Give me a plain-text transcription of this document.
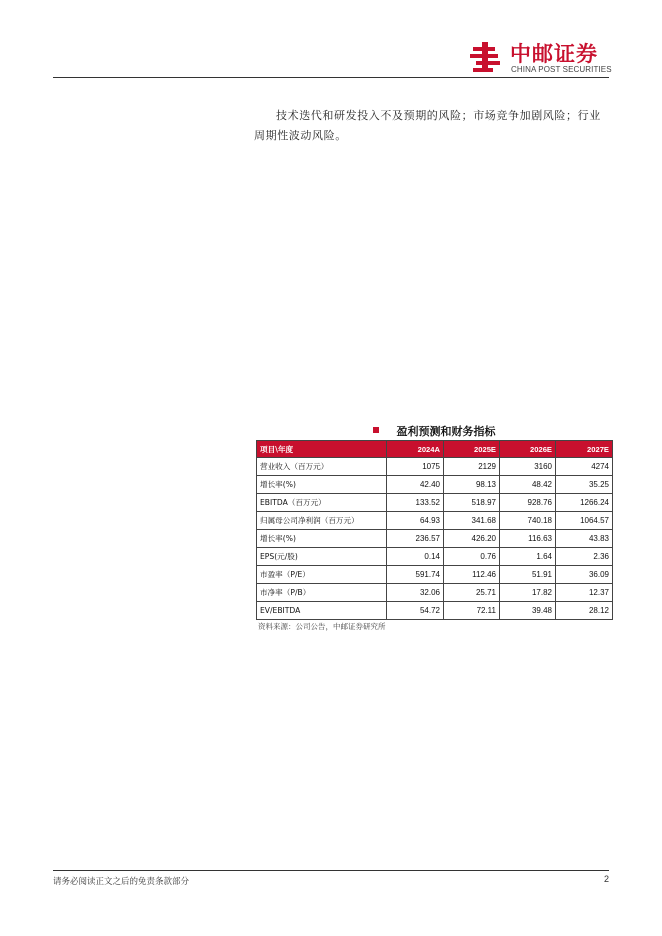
中邮证券
CHINA POST SECURITIES

技术迭代和研发投入不及预期的风险；市场竞争加剧风险；行业周期性波动风险。

盈利预测和财务指标
项目\年度	2024A	2025E	2026E	2027E
营业收入（百万元）	1075	2129	3160	4274
增长率(%)	42.40	98.13	48.42	35.25
EBITDA（百万元）	133.52	518.97	928.76	1266.24
归属母公司净利润（百万元）	64.93	341.68	740.18	1064.57
增长率(%)	236.57	426.20	116.63	43.83
EPS(元/股)	0.14	0.76	1.64	2.36
市盈率（P/E）	591.74	112.46	51.91	36.09
市净率（P/B）	32.06	25.71	17.82	12.37
EV/EBITDA	54.72	72.11	39.48	28.12
资料来源：公司公告，中邮证券研究所
请务必阅读正文之后的免责条款部分	2
